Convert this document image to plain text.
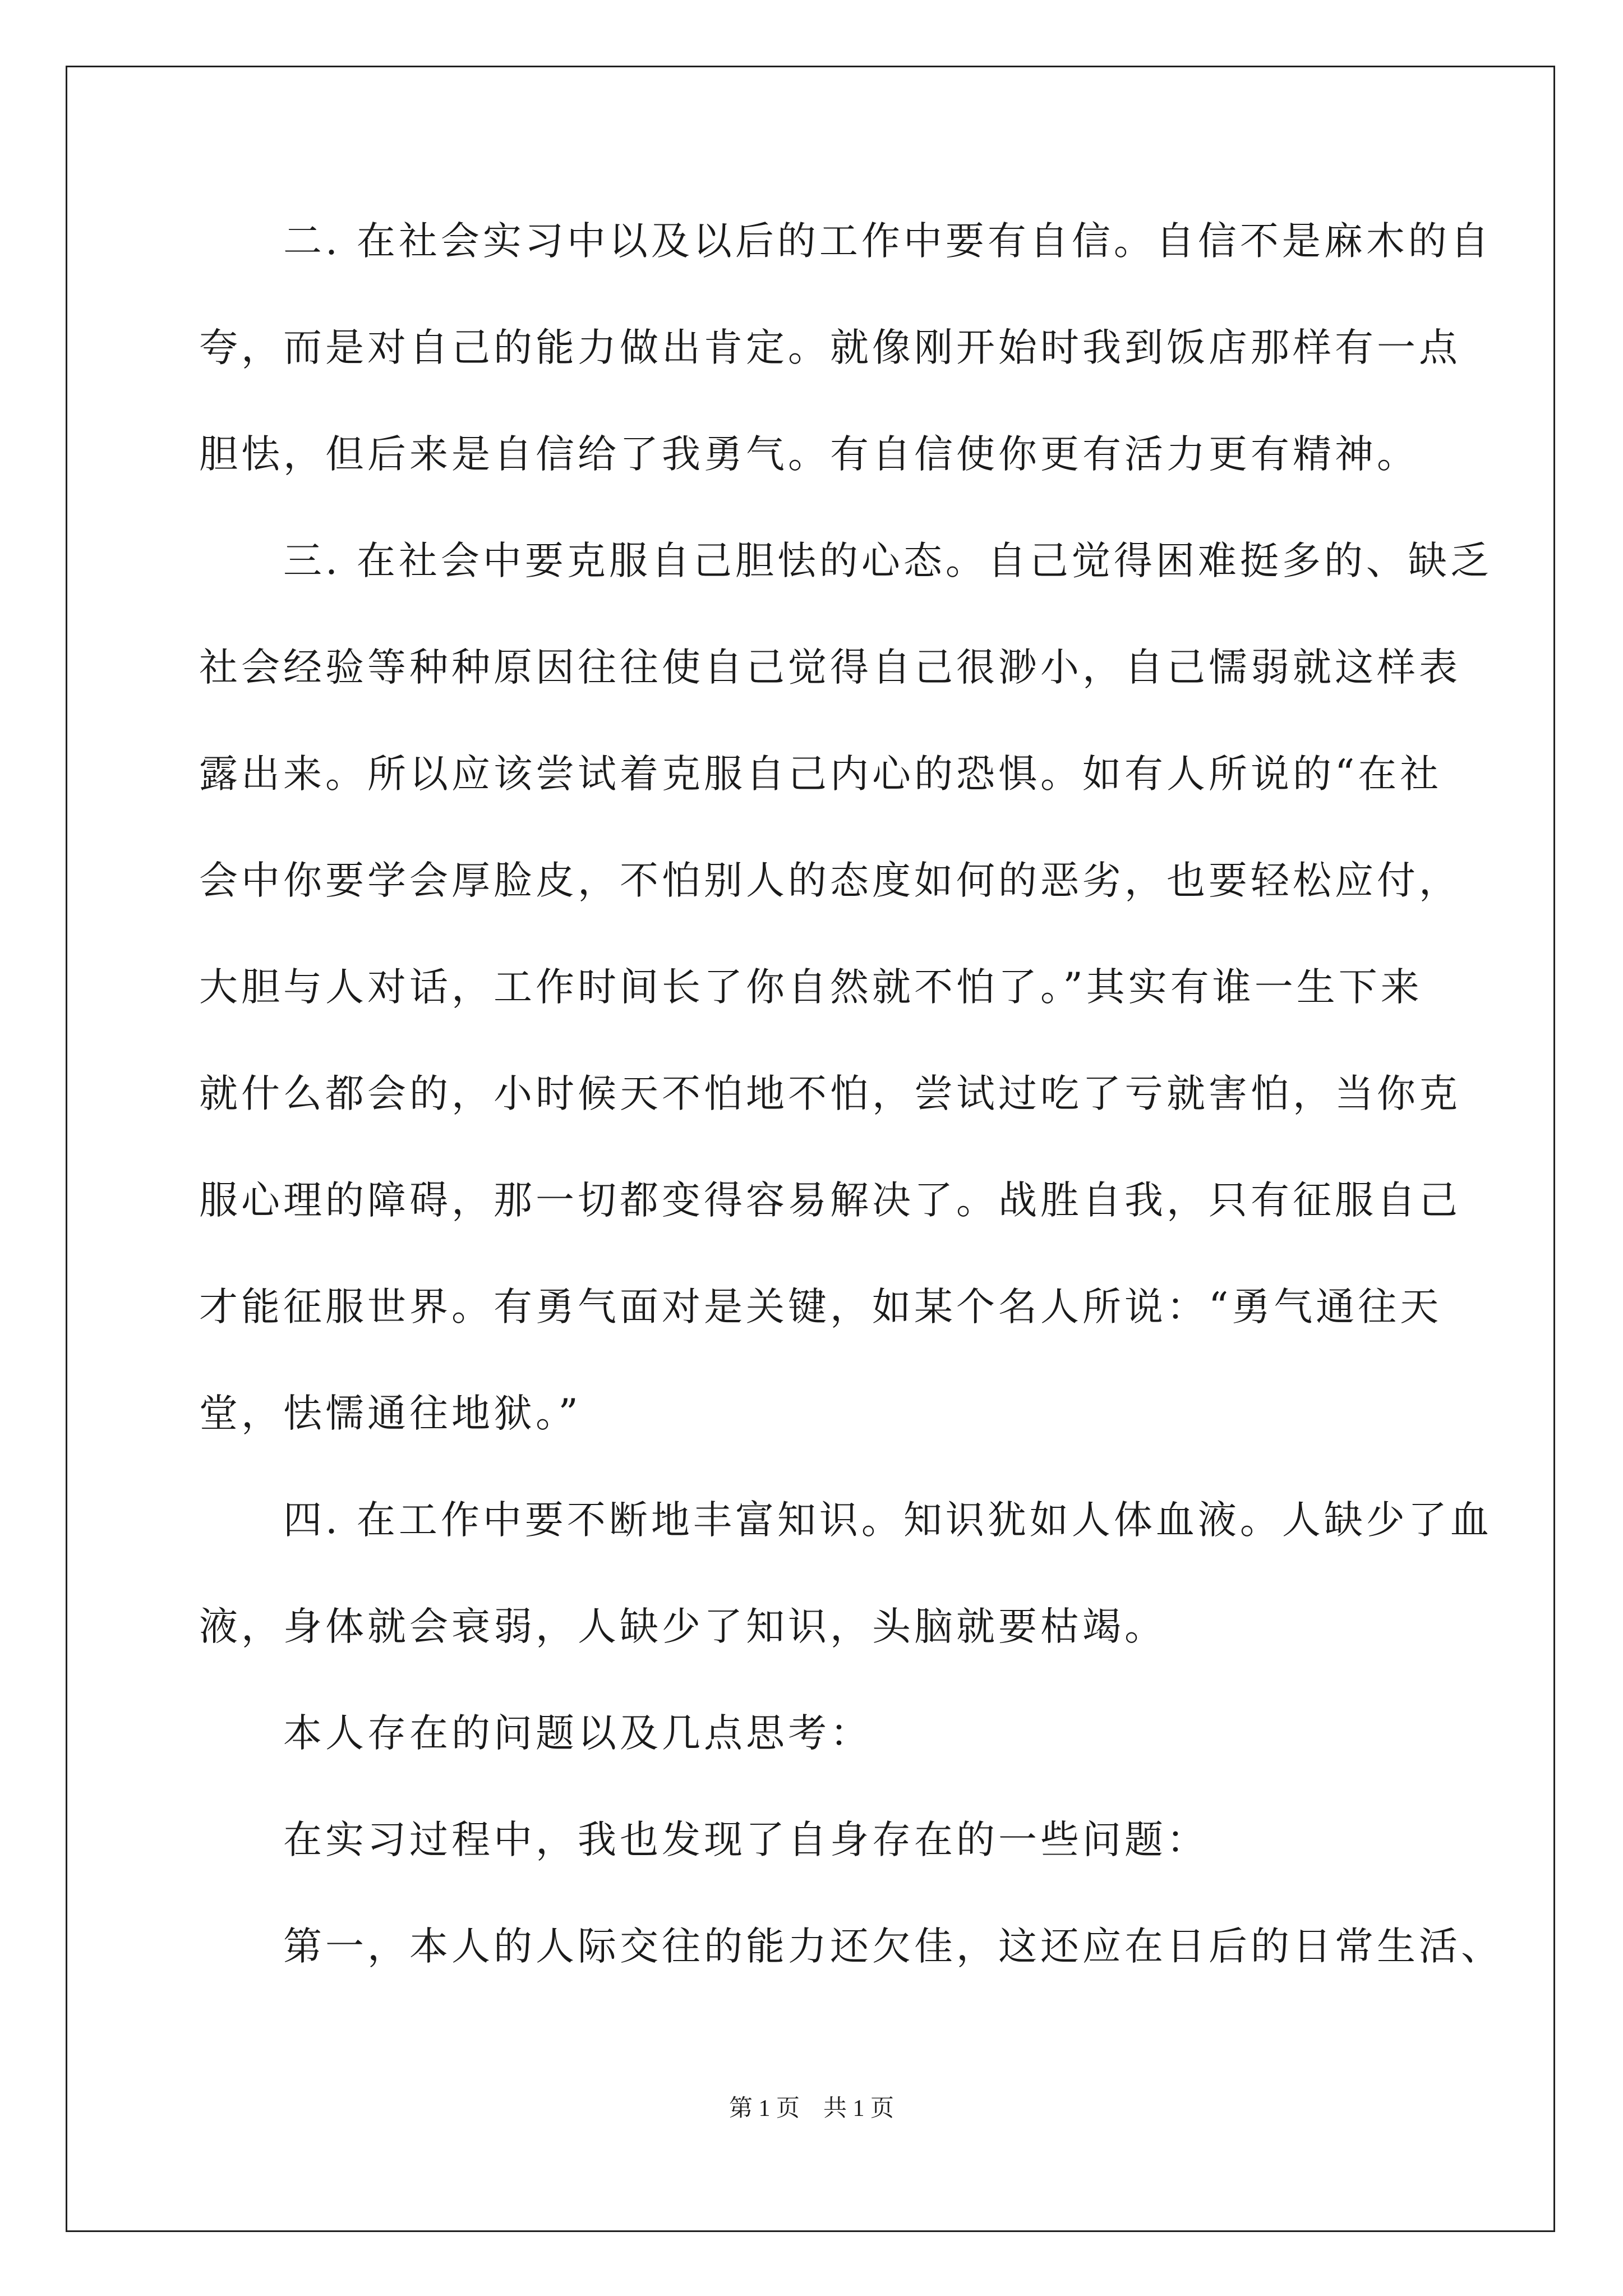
　　二. 在社会实习中以及以后的工作中要有自信。自信不是麻木的自
夸，而是对自己的能力做出肯定。就像刚开始时我到饭店那样有一点
胆怯，但后来是自信给了我勇气。有自信使你更有活力更有精神。
　　三. 在社会中要克服自己胆怯的心态。自己觉得困难挺多的、缺乏
社会经验等种种原因往往使自己觉得自己很渺小，自己懦弱就这样表
露出来。所以应该尝试着克服自己内心的恐惧。如有人所说的“在社
会中你要学会厚脸皮，不怕别人的态度如何的恶劣，也要轻松应付，
大胆与人对话，工作时间长了你自然就不怕了。”其实有谁一生下来
就什么都会的，小时候天不怕地不怕，尝试过吃了亏就害怕，当你克
服心理的障碍，那一切都变得容易解决了。战胜自我，只有征服自己
才能征服世界。有勇气面对是关键，如某个名人所说：“勇气通往天
堂，怯懦通往地狱。”
　　四. 在工作中要不断地丰富知识。知识犹如人体血液。人缺少了血
液，身体就会衰弱，人缺少了知识，头脑就要枯竭。
　　本人存在的问题以及几点思考：
　　在实习过程中，我也发现了自身存在的一些问题：
　　第一，本人的人际交往的能力还欠佳，这还应在日后的日常生活、
第 1 页　共 1 页
